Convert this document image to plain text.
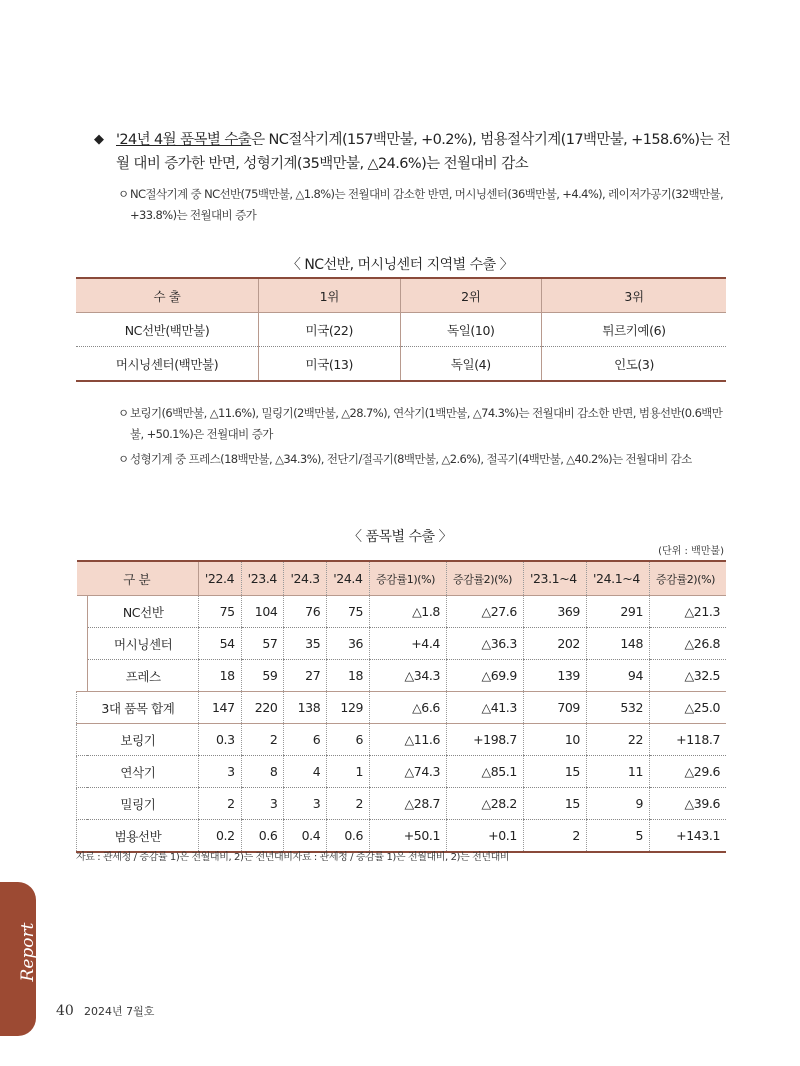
◆ '24년 4월 품목별 수출은 NC절삭기계(157백만불, +0.2%), 범용절삭기계(17백만불, +158.6%)는 전월 대비 증가한 반면, 성형기계(35백만불, △24.6%)는 전월대비 감소
ㅇ NC절삭기계 중 NC선반(75백만불, △1.8%)는 전월대비 감소한 반면, 머시닝센터(36백만불, +4.4%), 레이저가공기(32백만불, +33.8%)는 전월대비 증가
〈 NC선반, 머시닝센터 지역별 수출 〉
수 출	1위	2위	3위
NC선반(백만불)	미국(22)	독일(10)	튀르키예(6)
머시닝센터(백만불)	미국(13)	독일(4)	인도(3)
ㅇ 보링기(6백만불, △11.6%), 밀링기(2백만불, △28.7%), 연삭기(1백만불, △74.3%)는 전월대비 감소한 반면, 범용선반(0.6백만불, +50.1%)은 전월대비 증가
ㅇ 성형기계 중 프레스(18백만불, △34.3%), 전단기/절곡기(8백만불, △2.6%), 절곡기(4백만불, △40.2%)는 전월대비 감소
〈 품목별 수출 〉
(단위 : 백만불)
구 분		'22.4	'23.4	'24.3	'24.4	증감률1)(%)	증감률2)(%)	'23.1~4	'24.1~4	증감률2)(%)
	NC선반	75	104	76	75	△1.8	△27.6	369	291	△21.3
	머시닝센터	54	57	35	36	+4.4	△36.3	202	148	△26.8
	프레스	18	59	27	18	△34.3	△69.9	139	94	△32.5
3대 품목 합계		147	220	138	129	△6.6	△41.3	709	532	△25.0
보링기		0.3	2	6	6	△11.6	+198.7	10	22	+118.7
연삭기		3	8	4	1	△74.3	△85.1	15	11	△29.6
밀링기		2	3	3	2	△28.7	△28.2	15	9	△39.6
범용선반		0.2	0.6	0.4	0.6	+50.1	+0.1	2	5	+143.1
자료 : 관세청 / 증감률 1)은 전월대비, 2)는 전년대비자료 : 관세청 / 증감률 1)은 전월대비, 2)는 전년대비
Report
40 2024년 7월호
